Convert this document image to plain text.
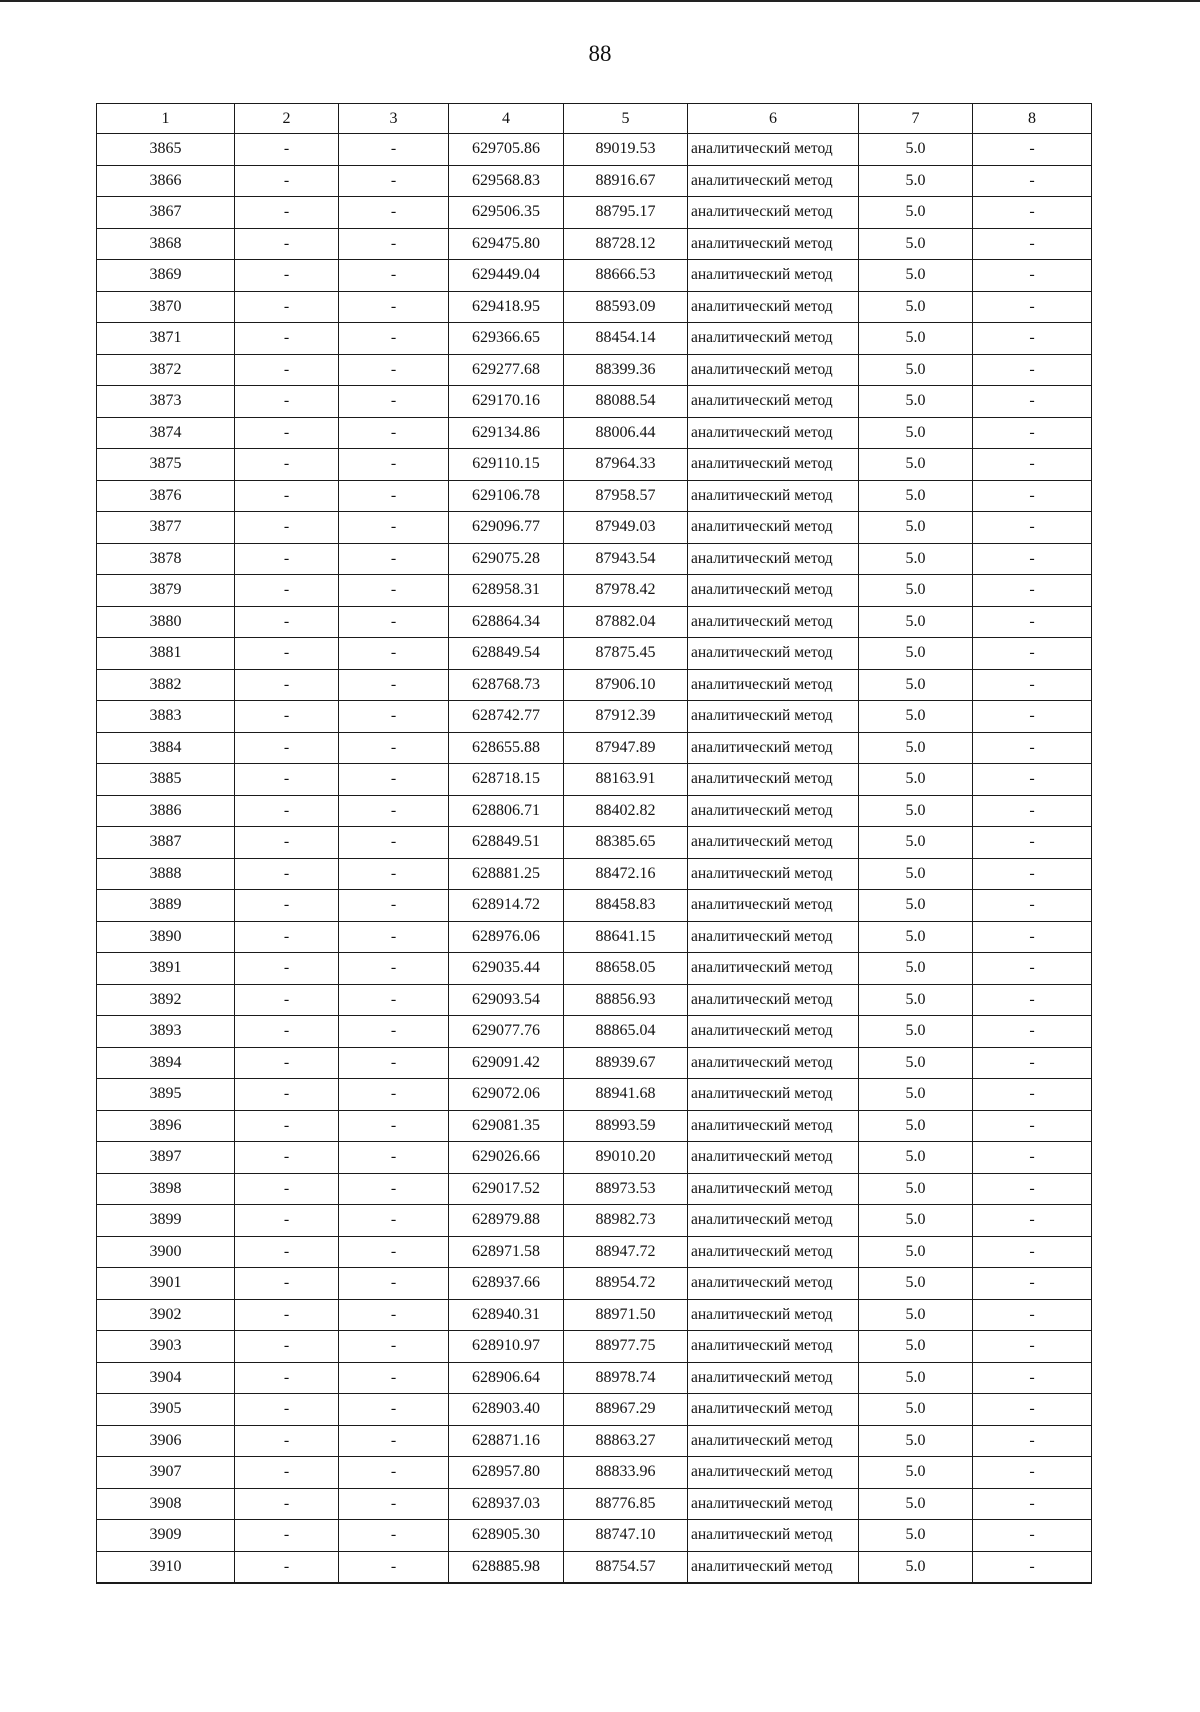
88
1	2	3	4	5	6	7	8
3865	-	-	629705.86	89019.53	аналитический метод	5.0	-
3866	-	-	629568.83	88916.67	аналитический метод	5.0	-
3867	-	-	629506.35	88795.17	аналитический метод	5.0	-
3868	-	-	629475.80	88728.12	аналитический метод	5.0	-
3869	-	-	629449.04	88666.53	аналитический метод	5.0	-
3870	-	-	629418.95	88593.09	аналитический метод	5.0	-
3871	-	-	629366.65	88454.14	аналитический метод	5.0	-
3872	-	-	629277.68	88399.36	аналитический метод	5.0	-
3873	-	-	629170.16	88088.54	аналитический метод	5.0	-
3874	-	-	629134.86	88006.44	аналитический метод	5.0	-
3875	-	-	629110.15	87964.33	аналитический метод	5.0	-
3876	-	-	629106.78	87958.57	аналитический метод	5.0	-
3877	-	-	629096.77	87949.03	аналитический метод	5.0	-
3878	-	-	629075.28	87943.54	аналитический метод	5.0	-
3879	-	-	628958.31	87978.42	аналитический метод	5.0	-
3880	-	-	628864.34	87882.04	аналитический метод	5.0	-
3881	-	-	628849.54	87875.45	аналитический метод	5.0	-
3882	-	-	628768.73	87906.10	аналитический метод	5.0	-
3883	-	-	628742.77	87912.39	аналитический метод	5.0	-
3884	-	-	628655.88	87947.89	аналитический метод	5.0	-
3885	-	-	628718.15	88163.91	аналитический метод	5.0	-
3886	-	-	628806.71	88402.82	аналитический метод	5.0	-
3887	-	-	628849.51	88385.65	аналитический метод	5.0	-
3888	-	-	628881.25	88472.16	аналитический метод	5.0	-
3889	-	-	628914.72	88458.83	аналитический метод	5.0	-
3890	-	-	628976.06	88641.15	аналитический метод	5.0	-
3891	-	-	629035.44	88658.05	аналитический метод	5.0	-
3892	-	-	629093.54	88856.93	аналитический метод	5.0	-
3893	-	-	629077.76	88865.04	аналитический метод	5.0	-
3894	-	-	629091.42	88939.67	аналитический метод	5.0	-
3895	-	-	629072.06	88941.68	аналитический метод	5.0	-
3896	-	-	629081.35	88993.59	аналитический метод	5.0	-
3897	-	-	629026.66	89010.20	аналитический метод	5.0	-
3898	-	-	629017.52	88973.53	аналитический метод	5.0	-
3899	-	-	628979.88	88982.73	аналитический метод	5.0	-
3900	-	-	628971.58	88947.72	аналитический метод	5.0	-
3901	-	-	628937.66	88954.72	аналитический метод	5.0	-
3902	-	-	628940.31	88971.50	аналитический метод	5.0	-
3903	-	-	628910.97	88977.75	аналитический метод	5.0	-
3904	-	-	628906.64	88978.74	аналитический метод	5.0	-
3905	-	-	628903.40	88967.29	аналитический метод	5.0	-
3906	-	-	628871.16	88863.27	аналитический метод	5.0	-
3907	-	-	628957.80	88833.96	аналитический метод	5.0	-
3908	-	-	628937.03	88776.85	аналитический метод	5.0	-
3909	-	-	628905.30	88747.10	аналитический метод	5.0	-
3910	-	-	628885.98	88754.57	аналитический метод	5.0	-
